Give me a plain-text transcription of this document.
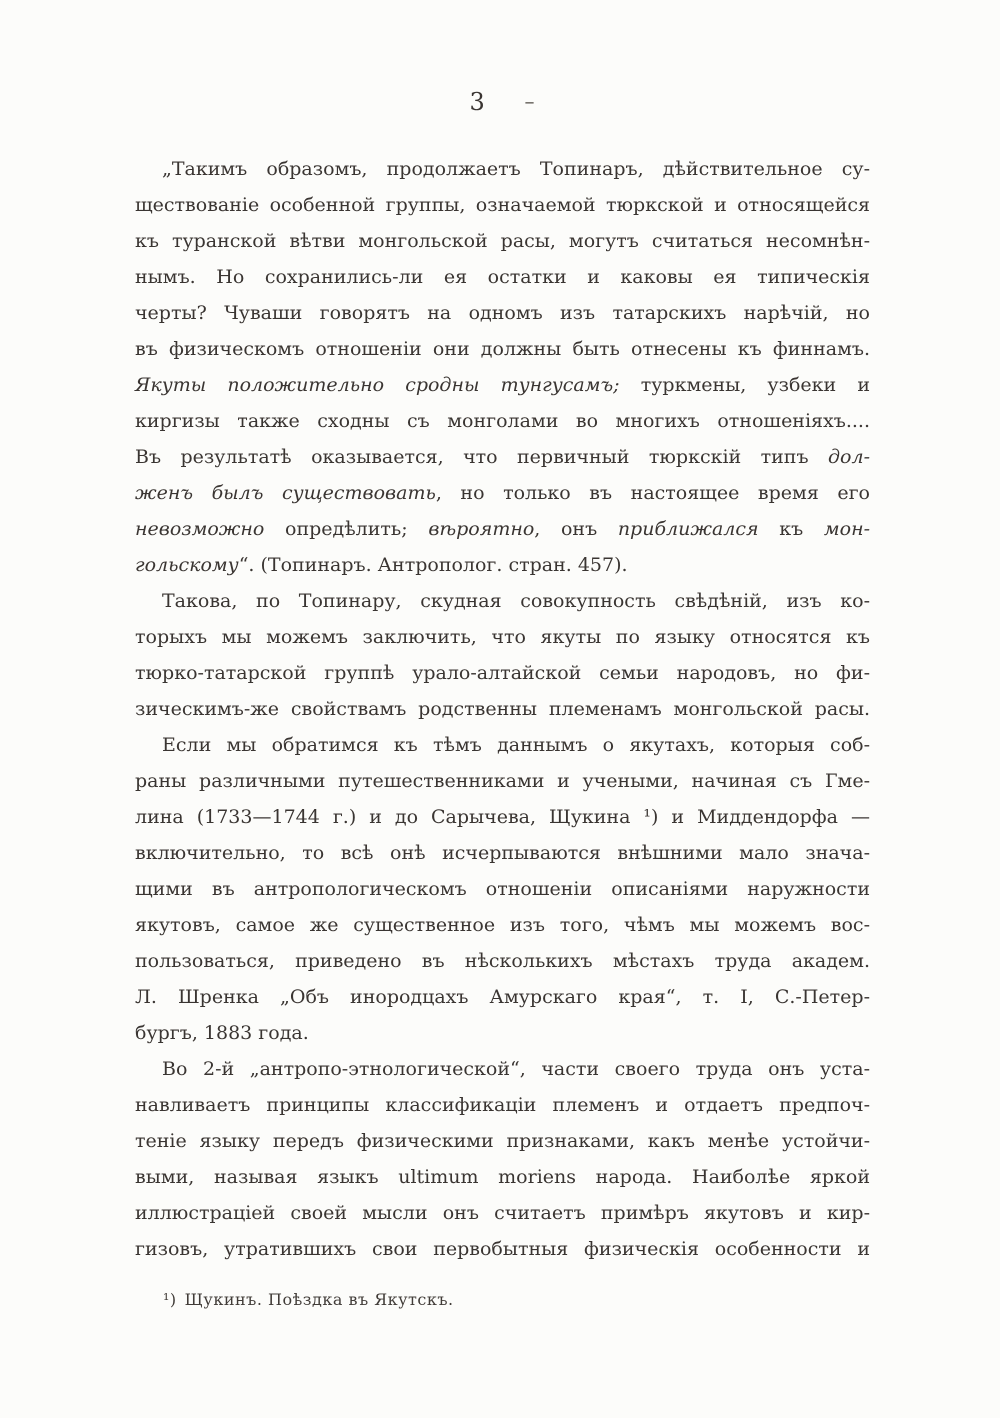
3 –
„Такимъ образомъ, продолжаетъ Топинаръ, дѣйствительное су-
ществованіе особенной группы, означаемой тюркской и относящейся
къ туранской вѣтви монгольской расы, могутъ считаться несомнѣн-
нымъ. Но сохранились-ли ея остатки и каковы ея типическія
черты? Чуваши говорятъ на одномъ изъ татарскихъ нарѣчій, но
въ физическомъ отношеніи они должны быть отнесены къ финнамъ.
Якуты положительно сродны тунгусамъ; туркмены, узбеки и
киргизы также сходны съ монголами во многихъ отношеніяхъ....
Въ результатѣ оказывается, что первичный тюркскій типъ дол-
женъ былъ существовать, но только въ настоящее время его
невозможно опредѣлить; вѣроятно, онъ приближался къ мон-
гольскому“. (Топинаръ. Антрополог. стран. 457).
Такова, по Топинару, скудная совокупность свѣдѣній, изъ ко-
торыхъ мы можемъ заключить, что якуты по языку относятся къ
тюрко-татарской группѣ урало-алтайской семьи народовъ, но фи-
зическимъ-же свойствамъ родственны племенамъ монгольской расы.
Если мы обратимся къ тѣмъ даннымъ о якутахъ, которыя соб-
раны различными путешественниками и учеными, начиная съ Гме-
лина (1733—1744 г.) и до Сарычева, Щукина ¹) и Миддендорфа —
включительно, то всѣ онѣ исчерпываются внѣшними мало знача-
щими въ антропологическомъ отношеніи описаніями наружности
якутовъ, самое же существенное изъ того, чѣмъ мы можемъ вос-
пользоваться, приведено въ нѣсколькихъ мѣстахъ труда академ.
Л. Шренка „Объ инородцахъ Амурскаго края“, т. I, С.-Петер-
бургъ, 1883 года.
Во 2-й „антропо-этнологической“, части своего труда онъ уста-
навливаетъ принципы классификаціи племенъ и отдаетъ предпоч-
теніе языку передъ физическими признаками, какъ менѣе устойчи-
выми, называя языкъ ultimum moriens народа. Наиболѣе яркой
иллюстраціей своей мысли онъ считаетъ примѣръ якутовъ и кир-
гизовъ, утратившихъ свои первобытныя физическія особенности и
¹) Щукинъ. Поѣздка въ Якутскъ.
